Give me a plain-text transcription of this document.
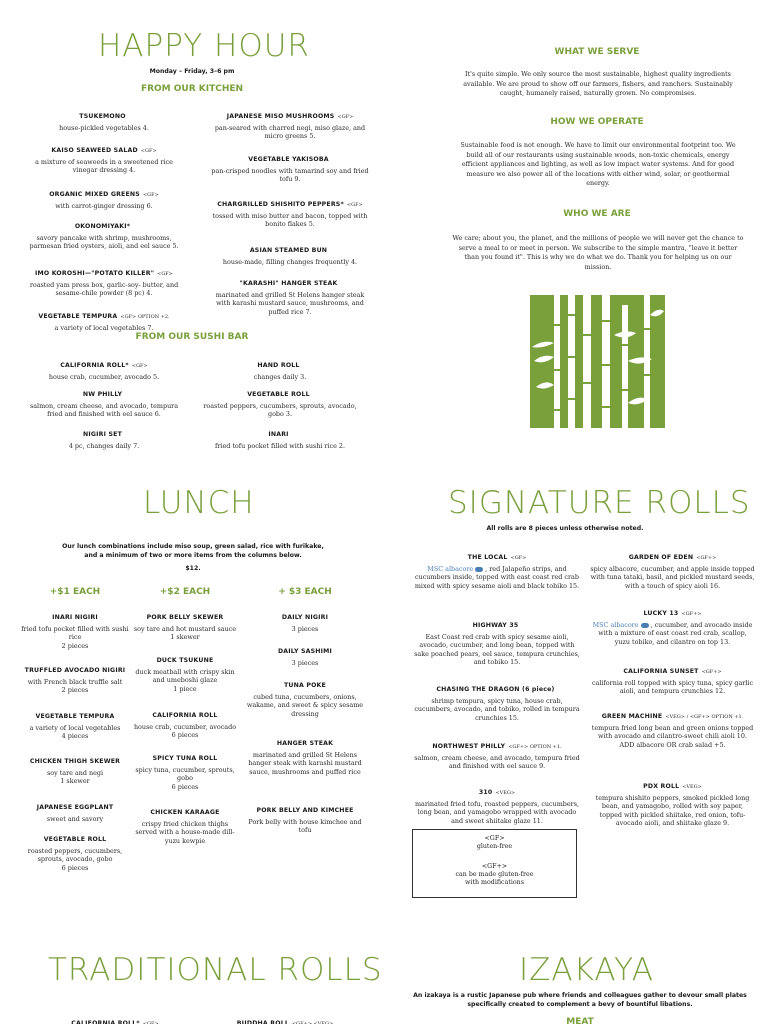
HAPPY HOUR
Monday – Friday, 3–6 pm
FROM OUR KITCHEN
TSUKEMONO
house-pickled vegetables 4.
KAISO SEAWEED SALAD <GF>
a mixture of seaweeds in a sweetened rice vinegar dressing 4.
ORGANIC MIXED GREENS <GF>
with carrot-ginger dressing 6.
OKONOMIYAKI*
savory pancake with shrimp, mushrooms, parmesan fried oysters, aioli, and eel sauce 5.
IMO KOROSHI—"POTATO KILLER" <GF>
roasted yam press box, garlic-soy- butter, and sesame-chile powder (8 pc) 4.
VEGETABLE TEMPURA <GF> OPTION +2.
a variety of local vegetables 7.
JAPANESE MISO MUSHROOMS <GF>
pan-seared with charred negi, miso glaze, and micro greens 5.
VEGETABLE YAKISOBA
pan-crisped noodles with tamarind soy and fried tofu 9.
CHARGRILLED SHISHITO PEPPERS* <GF>
tossed with miso butter and bacon, topped with bonito flakes 5.
ASIAN STEAMED BUN
house-made, filling changes frequently 4.
"KARASHI" HANGER STEAK
marinated and grilled St Helens hanger steak with karashi mustard sauce, mushrooms, and puffed rice 7.
FROM OUR SUSHI BAR
CALIFORNIA ROLL* <GF>
house crab, cucumber, avocado 5.
NW PHILLY
salmon, cream cheese, and avocado, tempura fried and finished with eel sauce 6.
NIGIRI SET
4 pc, changes daily 7.
HAND ROLL
changes daily 3.
VEGETABLE ROLL
roasted peppers, cucumbers, sprouts, avocado, gobo 3.
INARI
fried tofu pocket filled with sushi rice 2.
WHAT WE SERVE
It's quite simple. We only source the most sustainable, highest quality ingredients available. We are proud to show off our farmers, fishers, and ranchers. Sustainably caught, humanely raised, naturally grown. No compromises.
HOW WE OPERATE
Sustainable food is not enough. We have to limit our environmental footprint too. We build all of our restaurants using sustainable woods, non-toxic chemicals, energy efficient appliances and lighting, as well as low impact water systems. And for good measure we also power all of the locations with either wind, solar, or geothermal energy.
WHO WE ARE
We care; about you, the planet, and the millions of people we will never get the chance to serve a meal to or meet in person. We subscribe to the simple mantra, "leave it better than you found it". This is why we do what we do. Thank you for helping us on our mission.
LUNCH
Our lunch combinations include miso soup, green salad, rice with furikake, and a minimum of two or more items from the columns below.
$12.
+$1 EACH	+$2 EACH	+ $3 EACH
INARI NIGIRI
fried tofu pocket filled with sushi rice
2 pieces
TRUFFLED AVOCADO NIGIRI
with French black truffle salt
2 pieces
VEGETABLE TEMPURA
a variety of local vegetables
4 pieces
CHICKEN THIGH SKEWER
soy tare and negi
1 skewer
JAPANESE EGGPLANT
sweet and savory
VEGETABLE ROLL
roasted peppers, cucumbers, sprouts, avocado, gobo
6 pieces
PORK BELLY SKEWER
soy tare and hot mustard sauce
1 skewer
DUCK TSUKUNE
duck meatball with crispy skin and umeboshi glaze
1 piece
CALIFORNIA ROLL
house crab, cucumber, avocado
6 pieces
SPICY TUNA ROLL
spicy tuna, cucumber, sprouts, gobo
6 pieces
CHICKEN KARAAGE
crispy fried chicken thighs served with a house-made dill-yuzu kewpie
DAILY NIGIRI
3 pieces
DAILY SASHIMI
3 pieces
TUNA POKE
cubed tuna, cucumbers, onions, wakame, and sweet & spicy sesame dressing
HANGER STEAK
marinated and grilled St Helens hanger steak with karashi mustard sauce, mushrooms and puffed rice
PORK BELLY AND KIMCHEE
Pork belly with house kimchee and tofu
SIGNATURE ROLLS
All rolls are 8 pieces unless otherwise noted.
THE LOCAL <GF>
MSC albacore , red Jalapeño strips, and cucumbers inside, topped with east coast red crab mixed with spicy sesame aioli and black tobiko 15.
HIGHWAY 35
East Coast red crab with spicy sesame aioli, avocado, cucumber, and long bean, topped with sake poached pears, eel sauce, tempura crunchies, and tobiko 15.
CHASING THE DRAGON (6 piece)
shrimp tempura, spicy tuna, house crab, cucumbers, avocado, and tobiko, rolled in tempura crunchies 15.
NORTHWEST PHILLY <GF+> OPTION +1.
salmon, cream cheese, and avocado, tempura fried and finished with eel sauce 9.
310 <VEG>
marinated fried tofu, roasted peppers, cucumbers, long bean, and yamagobo wrapped with avocado and sweet shiitake glaze 11.
GARDEN OF EDEN <GF+>
spicy albacore, cucumber, and apple inside topped with tuna tataki, basil, and pickled mustard seeds, with a touch of spicy aioli 16.
LUCKY 13 <GF+>
MSC albacore , cucumber, and avocado inside with a mixture of east coast red crab, scallop, yuzu tobiko, and cilantro on top 13.
CALIFORNIA SUNSET <GF+>
california roll topped with spicy tuna, spicy garlic aioli, and tempura crunchies 12.
GREEN MACHINE <VEG> / <GF+> OPTION +1.
tempura fried long bean and green onions topped with avocado and cilantro-sweet chili aioli 10. ADD albacore OR crab salad +5.
PDX ROLL <VEG>
tempura shishito peppers, smoked pickled long bean, and yamagobo, rolled with soy paper, topped with pickled shiitake, red onion, tofu-avocado aioli, and shiitake glaze 9.
<GF>
gluten-free
<GF+>
can be made gluten-free with modifications
TRADITIONAL ROLLS
CALIFORNIA ROLL* <GF>	BUDDHA ROLL <GF+> <VEG>
IZAKAYA
An izakaya is a rustic Japanese pub where friends and colleagues gather to devour small plates specifically created to complement a bevy of bountiful libations.
MEAT
